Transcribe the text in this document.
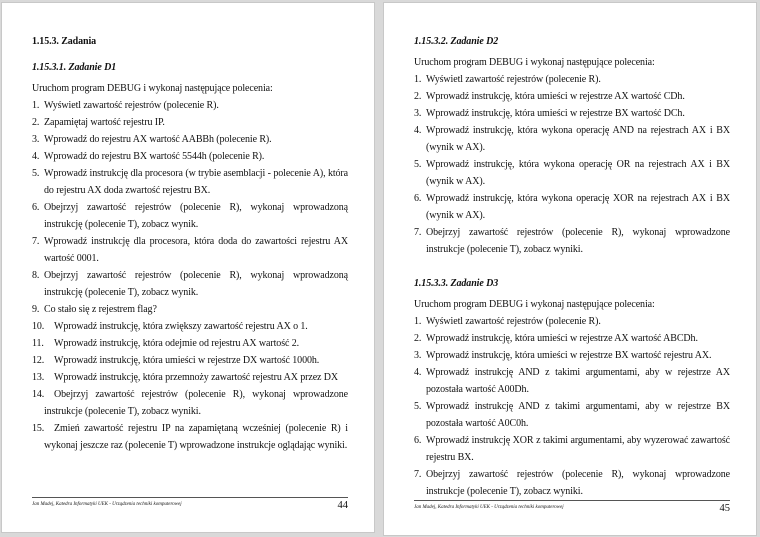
1.15.3. Zadania
1.15.3.1. Zadanie D1

Uruchom program DEBUG i wykonaj następujące polecenia:

1. Wyświetl zawartość rejestrów (polecenie R).
2. Zapamiętaj wartość rejestru IP.
3. Wprowadź do rejestru AX wartość AABBh (polecenie R).
4. Wprowadź do rejestru BX wartość 5544h (polecenie R).
5. Wprowadź instrukcję dla procesora (w trybie asemblacji - polecenie A), która do rejestru AX doda zwartość rejestru BX.
6. Obejrzyj zawartość rejestrów (polecenie R), wykonaj wprowadzoną instrukcję (polecenie T), zobacz wynik.
7. Wprowadź instrukcję dla procesora, która doda do zawartości rejestru AX wartość 0001.
8. Obejrzyj zawartość rejestrów (polecenie R), wykonaj wprowadzoną instrukcję (polecenie T), zobacz wynik.
9. Co stało się z rejestrem flag?
10. Wprowadź instrukcję, która zwiększy zawartość rejestru AX o 1.
11. Wprowadź instrukcję, która odejmie od rejestru AX wartość 2.
12. Wprowadź instrukcję, która umieści w rejestrze DX wartość 1000h.
13. Wprowadź instrukcję, która przemnoży zawartość rejestru AX przez DX
14. Obejrzyj zawartość rejestrów (polecenie R), wykonaj wprowadzone instrukcje (polecenie T), zobacz wyniki.
15. Zmień zawartość rejestru IP na zapamiętaną wcześniej (polecenie R) i wykonaj jeszcze raz (polecenie T) wprowadzone instrukcje oglądając wyniki.
Jan Madej, Katedra Informatyki UEK - Urządzenia techniki komputerowej	44
1.15.3.2. Zadanie D2

Uruchom program DEBUG i wykonaj następujące polecenia:

1. Wyświetl zawartość rejestrów (polecenie R).
2. Wprowadź instrukcję, która umieści w rejestrze AX wartość CDh.
3. Wprowadź instrukcję, która umieści w rejestrze BX wartość DCh.
4. Wprowadź instrukcję, która wykona operację AND na rejestrach AX i BX (wynik w AX).
5. Wprowadź instrukcję, która wykona operację OR na rejestrach AX i BX (wynik w AX).
6. Wprowadź instrukcję, która wykona operację XOR na rejestrach AX i BX (wynik w AX).
7. Obejrzyj zawartość rejestrów (polecenie R), wykonaj wprowadzone instrukcje (polecenie T), zobacz wyniki.
1.15.3.3. Zadanie D3

Uruchom program DEBUG i wykonaj następujące polecenia:

1. Wyświetl zawartość rejestrów (polecenie R).
2. Wprowadź instrukcję, która umieści w rejestrze AX wartość ABCDh.
3. Wprowadź instrukcję, która umieści w rejestrze BX wartość rejestru AX.
4. Wprowadź instrukcję AND z takimi argumentami, aby w rejestrze AX pozostała wartość A00Dh.
5. Wprowadź instrukcję AND z takimi argumentami, aby w rejestrze BX pozostała wartość A0C0h.
6. Wprowadź instrukcję XOR z takimi argumentami, aby wyzerować zawartość rejestru BX.
7. Obejrzyj zawartość rejestrów (polecenie R), wykonaj wprowadzone instrukcje (polecenie T), zobacz wyniki.
Jan Madej, Katedra Informatyki UEK - Urządzenia techniki komputerowej	45
